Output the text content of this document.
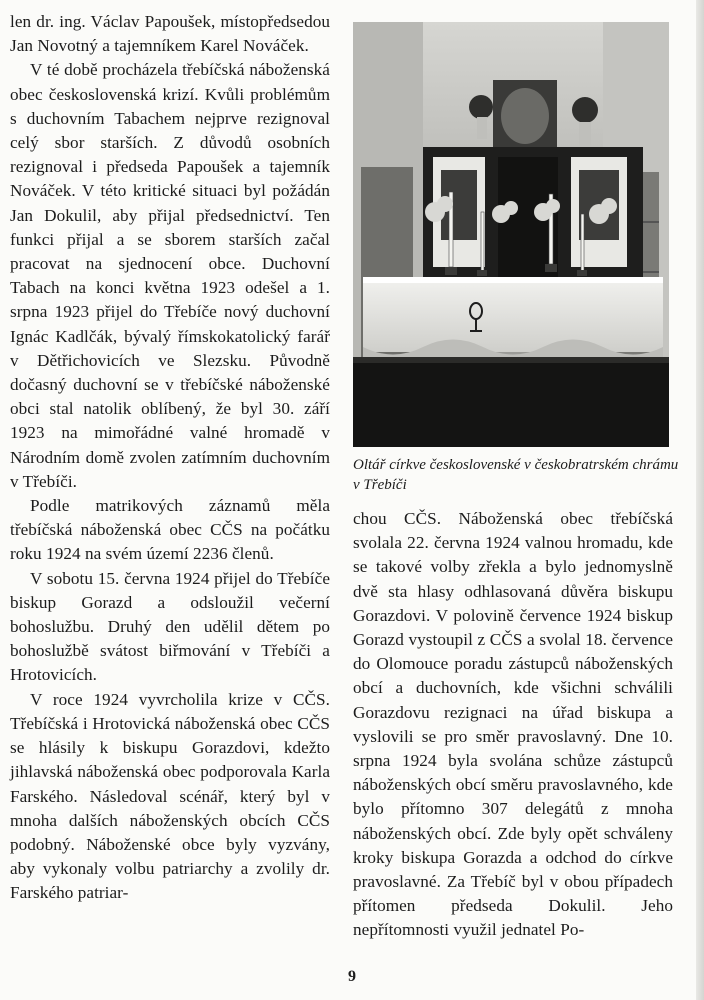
len dr. ing. Václav Papoušek, místopředsedou Jan Novotný a tajemníkem Karel Nováček.

V té době procházela třebíčská náboženská obec československá krizí. Kvůli problémům s duchovním Tabachem nejprve rezignoval celý sbor starších. Z důvodů osobních rezignoval i předseda Papoušek a tajemník Nováček. V této kritické situaci byl požádán Jan Dokulil, aby přijal předsednictví. Ten funkci přijal a se sborem starších začal pracovat na sjednocení obce. Duchovní Tabach na konci května 1923 odešel a 1. srpna 1923 přijel do Třebíče nový duchovní Ignác Kadlčák, bývalý římskokatolický farář v Dětřichovicích ve Slezsku. Původně dočasný duchovní se v třebíčské náboženské obci stal natolik oblíbený, že byl 30. září 1923 na mimořádné valné hromadě v Národním domě zvolen zatímním duchovním v Třebíči.

Podle matrikových záznamů měla třebíčská náboženská obec CČS na počátku roku 1924 na svém území 2236 členů.

V sobotu 15. června 1924 přijel do Třebíče biskup Gorazd a odsloužil večerní bohoslužbu. Druhý den udělil dětem po bohoslužbě svátost biřmování v Třebíči a Hrotovicích.

V roce 1924 vyvrcholila krize v CČS. Třebíčská i Hrotovická náboženská obec CČS se hlásily k biskupu Gorazdovi, kdežto jihlavská náboženská obec podporovala Karla Farského. Následoval scénář, který byl v mnoha dalších náboženských obcích CČS podobný. Náboženské obce byly vyzvány, aby vykonaly volbu patriarchy a zvolily dr. Farského patriar-

Oltář církve československé v českobratrském chrámu v Třebíči

chou CČS. Náboženská obec třebíčská svolala 22. června 1924 valnou hromadu, kde se takové volby zřekla a bylo jednomyslně dvě sta hlasy odhlasovaná důvěra biskupu Gorazdovi. V polovině července 1924 biskup Gorazd vystoupil z CČS a svolal 18. července do Olomouce poradu zástupců náboženských obcí a duchovních, kde všichni schválili Gorazdovu rezignaci na úřad biskupa a vyslovili se pro směr pravoslavný. Dne 10. srpna 1924 byla svolána schůze zástupců náboženských obcí směru pravoslavného, kde bylo přítomno 307 delegátů z mnoha náboženských obcí. Zde byly opět schváleny kroky biskupa Gorazda a odchod do církve pravoslavné. Za Třebíč byl v obou případech přítomen předseda Dokulil. Jeho nepřítomnosti využil jednatel Po-

9
